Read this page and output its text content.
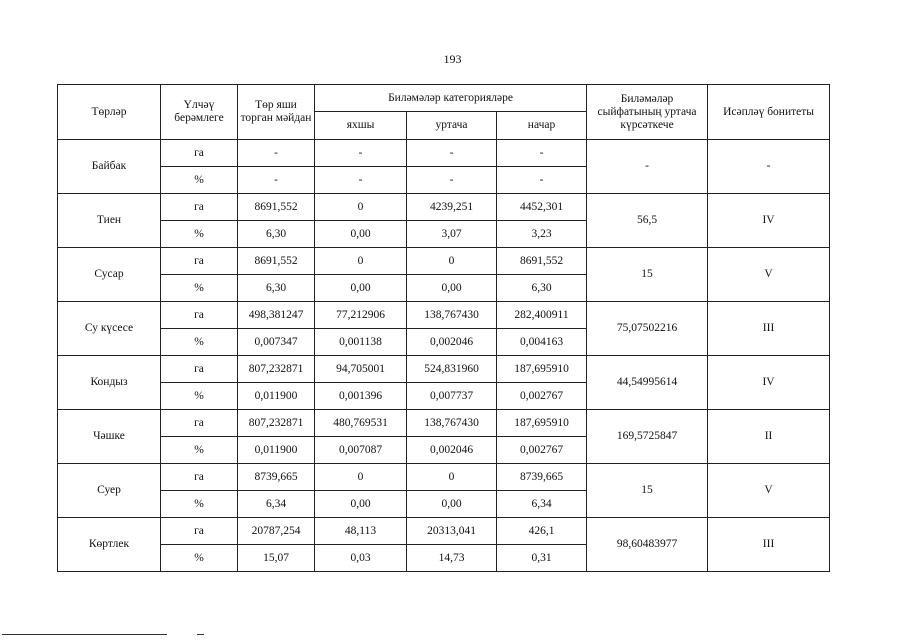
193
Төрләр	Үлчәү берәмлеге	Төр яши торган мәйдан	Биләмәләр категорияләре			Биләмәләр сыйфатының уртача күрсәткече	Исәпләү бонитеты
			яхшы	уртача	начар		
Байбак	га	-	-	-	-	-	-
	%	-	-	-	-		
Тиен	га	8691,552	0	4239,251	4452,301	56,5	IV
	%	6,30	0,00	3,07	3,23		
Сусар	га	8691,552	0	0	8691,552	15	V
	%	6,30	0,00	0,00	6,30		
Су күсесе	га	498,381247	77,212906	138,767430	282,400911	75,07502216	III
	%	0,007347	0,001138	0,002046	0,004163		
Кондыз	га	807,232871	94,705001	524,831960	187,695910	44,54995614	IV
	%	0,011900	0,001396	0,007737	0,002767		
Чәшке	га	807,232871	480,769531	138,767430	187,695910	169,5725847	II
	%	0,011900	0,007087	0,002046	0,002767		
Суер	га	8739,665	0	0	8739,665	15	V
	%	6,34	0,00	0,00	6,34		
Көртлек	га	20787,254	48,113	20313,041	426,1	98,60483977	III
	%	15,07	0,03	14,73	0,31		
